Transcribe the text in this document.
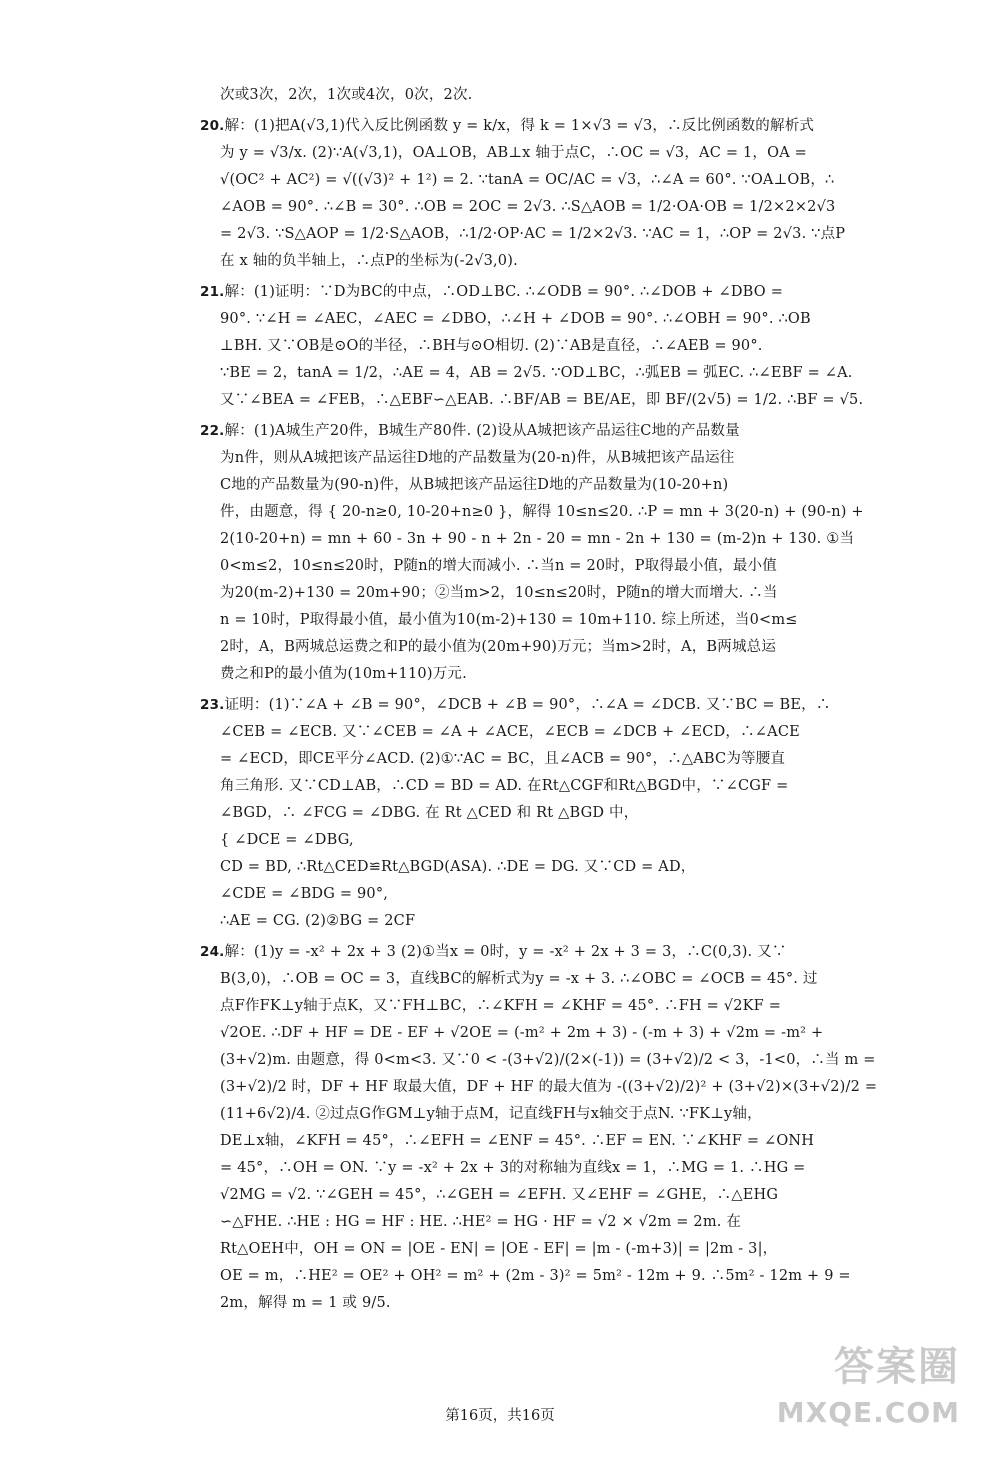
次或3次，2次，1次或4次，0次，2次.
20.解：(1)把A(√3,1)代入反比例函数 y = k/x，得 k = 1×√3 = √3，∴反比例函数的解析式
为 y = √3/x. (2)∵A(√3,1)，OA⊥OB，AB⊥x 轴于点C，∴OC = √3，AC = 1，OA =
√(OC² + AC²) = √((√3)² + 1²) = 2. ∵tanA = OC/AC = √3，∴∠A = 60°. ∵OA⊥OB，∴
∠AOB = 90°. ∴∠B = 30°. ∴OB = 2OC = 2√3. ∴S△AOB = 1/2·OA·OB = 1/2×2×2√3
= 2√3. ∵S△AOP = 1/2·S△AOB，∴1/2·OP·AC = 1/2×2√3. ∵AC = 1，∴OP = 2√3. ∵点P
在 x 轴的负半轴上，∴点P的坐标为(-2√3,0).
21.解：(1)证明：∵D为BC的中点，∴OD⊥BC. ∴∠ODB = 90°. ∴∠DOB + ∠DBO =
90°. ∵∠H = ∠AEC，∠AEC = ∠DBO，∴∠H + ∠DOB = 90°. ∴∠OBH = 90°. ∴OB
⊥BH. 又∵OB是⊙O的半径，∴BH与⊙O相切. (2)∵AB是直径，∴∠AEB = 90°.
∵BE = 2，tanA = 1/2，∴AE = 4，AB = 2√5. ∵OD⊥BC，∴弧EB = 弧EC. ∴∠EBF = ∠A.
又∵∠BEA = ∠FEB，∴△EBF∽△EAB. ∴BF/AB = BE/AE，即 BF/(2√5) = 1/2. ∴BF = √5.
22.解：(1)A城生产20件，B城生产80件. (2)设从A城把该产品运往C地的产品数量
为n件，则从A城把该产品运往D地的产品数量为(20-n)件，从B城把该产品运往
C地的产品数量为(90-n)件，从B城把该产品运往D地的产品数量为(10-20+n)
件，由题意，得 { 20-n≥0, 10-20+n≥0 }，解得 10≤n≤20. ∴P = mn + 3(20-n) + (90-n) +
2(10-20+n) = mn + 60 - 3n + 90 - n + 2n - 20 = mn - 2n + 130 = (m-2)n + 130. ①当
0<m≤2，10≤n≤20时，P随n的增大而减小. ∴当n = 20时，P取得最小值，最小值
为20(m-2)+130 = 20m+90；②当m>2，10≤n≤20时，P随n的增大而增大. ∴当
n = 10时，P取得最小值，最小值为10(m-2)+130 = 10m+110. 综上所述，当0<m≤
2时，A，B两城总运费之和P的最小值为(20m+90)万元；当m>2时，A，B两城总运
费之和P的最小值为(10m+110)万元.
23.证明：(1)∵∠A + ∠B = 90°，∠DCB + ∠B = 90°，∴∠A = ∠DCB. 又∵BC = BE，∴
∠CEB = ∠ECB. 又∵∠CEB = ∠A + ∠ACE，∠ECB = ∠DCB + ∠ECD，∴∠ACE
= ∠ECD，即CE平分∠ACD. (2)①∵AC = BC，且∠ACB = 90°，∴△ABC为等腰直
角三角形. 又∵CD⊥AB，∴CD = BD = AD. 在Rt△CGF和Rt△BGD中，∵∠CGF =
∠BGD，∴ ∠FCG = ∠DBG. 在 Rt △CED 和 Rt △BGD 中，
{ ∠DCE = ∠DBG,
CD = BD, ∴Rt△CED≌Rt△BGD(ASA). ∴DE = DG. 又∵CD = AD，
∠CDE = ∠BDG = 90°,
∴AE = CG. (2)②BG = 2CF
24.解：(1)y = -x² + 2x + 3 (2)①当x = 0时，y = -x² + 2x + 3 = 3，∴C(0,3). 又∵
B(3,0)，∴OB = OC = 3，直线BC的解析式为y = -x + 3. ∴∠OBC = ∠OCB = 45°. 过
点F作FK⊥y轴于点K，又∵FH⊥BC，∴∠KFH = ∠KHF = 45°. ∴FH = √2KF =
√2OE. ∴DF + HF = DE - EF + √2OE = (-m² + 2m + 3) - (-m + 3) + √2m = -m² +
(3+√2)m. 由题意，得 0<m<3. 又∵0 < -(3+√2)/(2×(-1)) = (3+√2)/2 < 3，-1<0，∴当 m =
(3+√2)/2 时，DF + HF 取最大值，DF + HF 的最大值为 -((3+√2)/2)² + (3+√2)×(3+√2)/2 =
(11+6√2)/4. ②过点G作GM⊥y轴于点M，记直线FH与x轴交于点N. ∵FK⊥y轴，
DE⊥x轴，∠KFH = 45°，∴∠EFH = ∠ENF = 45°. ∴EF = EN. ∵∠KHF = ∠ONH
= 45°，∴OH = ON. ∵y = -x² + 2x + 3的对称轴为直线x = 1，∴MG = 1. ∴HG =
√2MG = √2. ∵∠GEH = 45°，∴∠GEH = ∠EFH. 又∠EHF = ∠GHE，∴△EHG
∽△FHE. ∴HE : HG = HF : HE. ∴HE² = HG · HF = √2 × √2m = 2m. 在
Rt△OEH中，OH = ON = |OE - EN| = |OE - EF| = |m - (-m+3)| = |2m - 3|，
OE = m，∴HE² = OE² + OH² = m² + (2m - 3)² = 5m² - 12m + 9. ∴5m² - 12m + 9 =
2m，解得 m = 1 或 9/5.
第16页，共16页
答案圈
MXQE.COM
